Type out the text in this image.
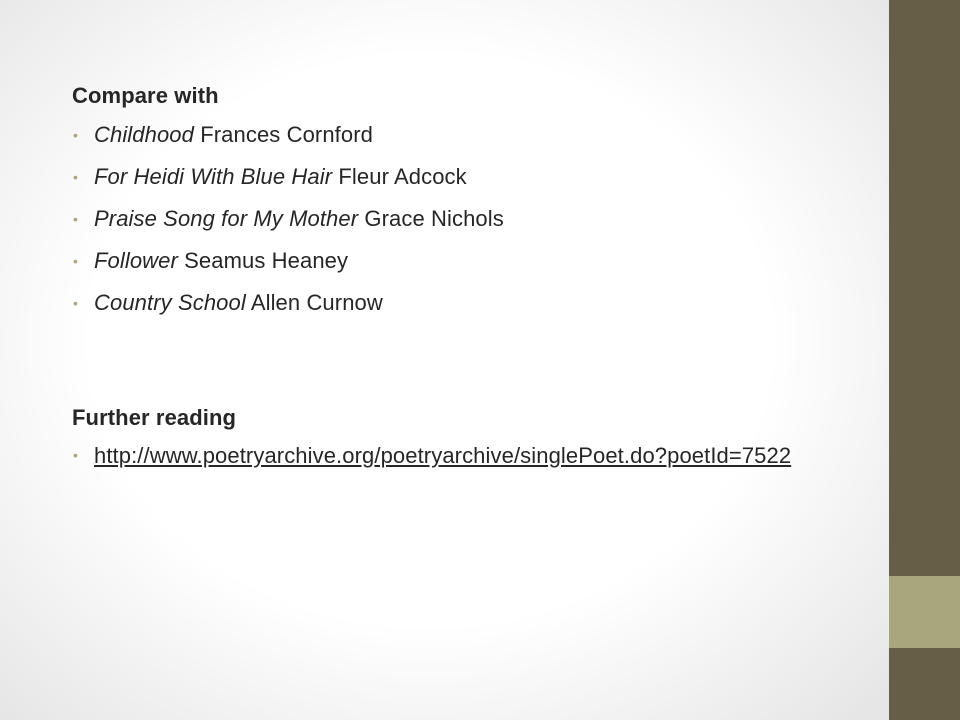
Compare with
• Childhood Frances Cornford
• For Heidi With Blue Hair Fleur Adcock
• Praise Song for My Mother Grace Nichols
• Follower Seamus Heaney
• Country School Allen Curnow
Further reading
• http://www.poetryarchive.org/poetryarchive/singlePoet.do?poetId=7522
